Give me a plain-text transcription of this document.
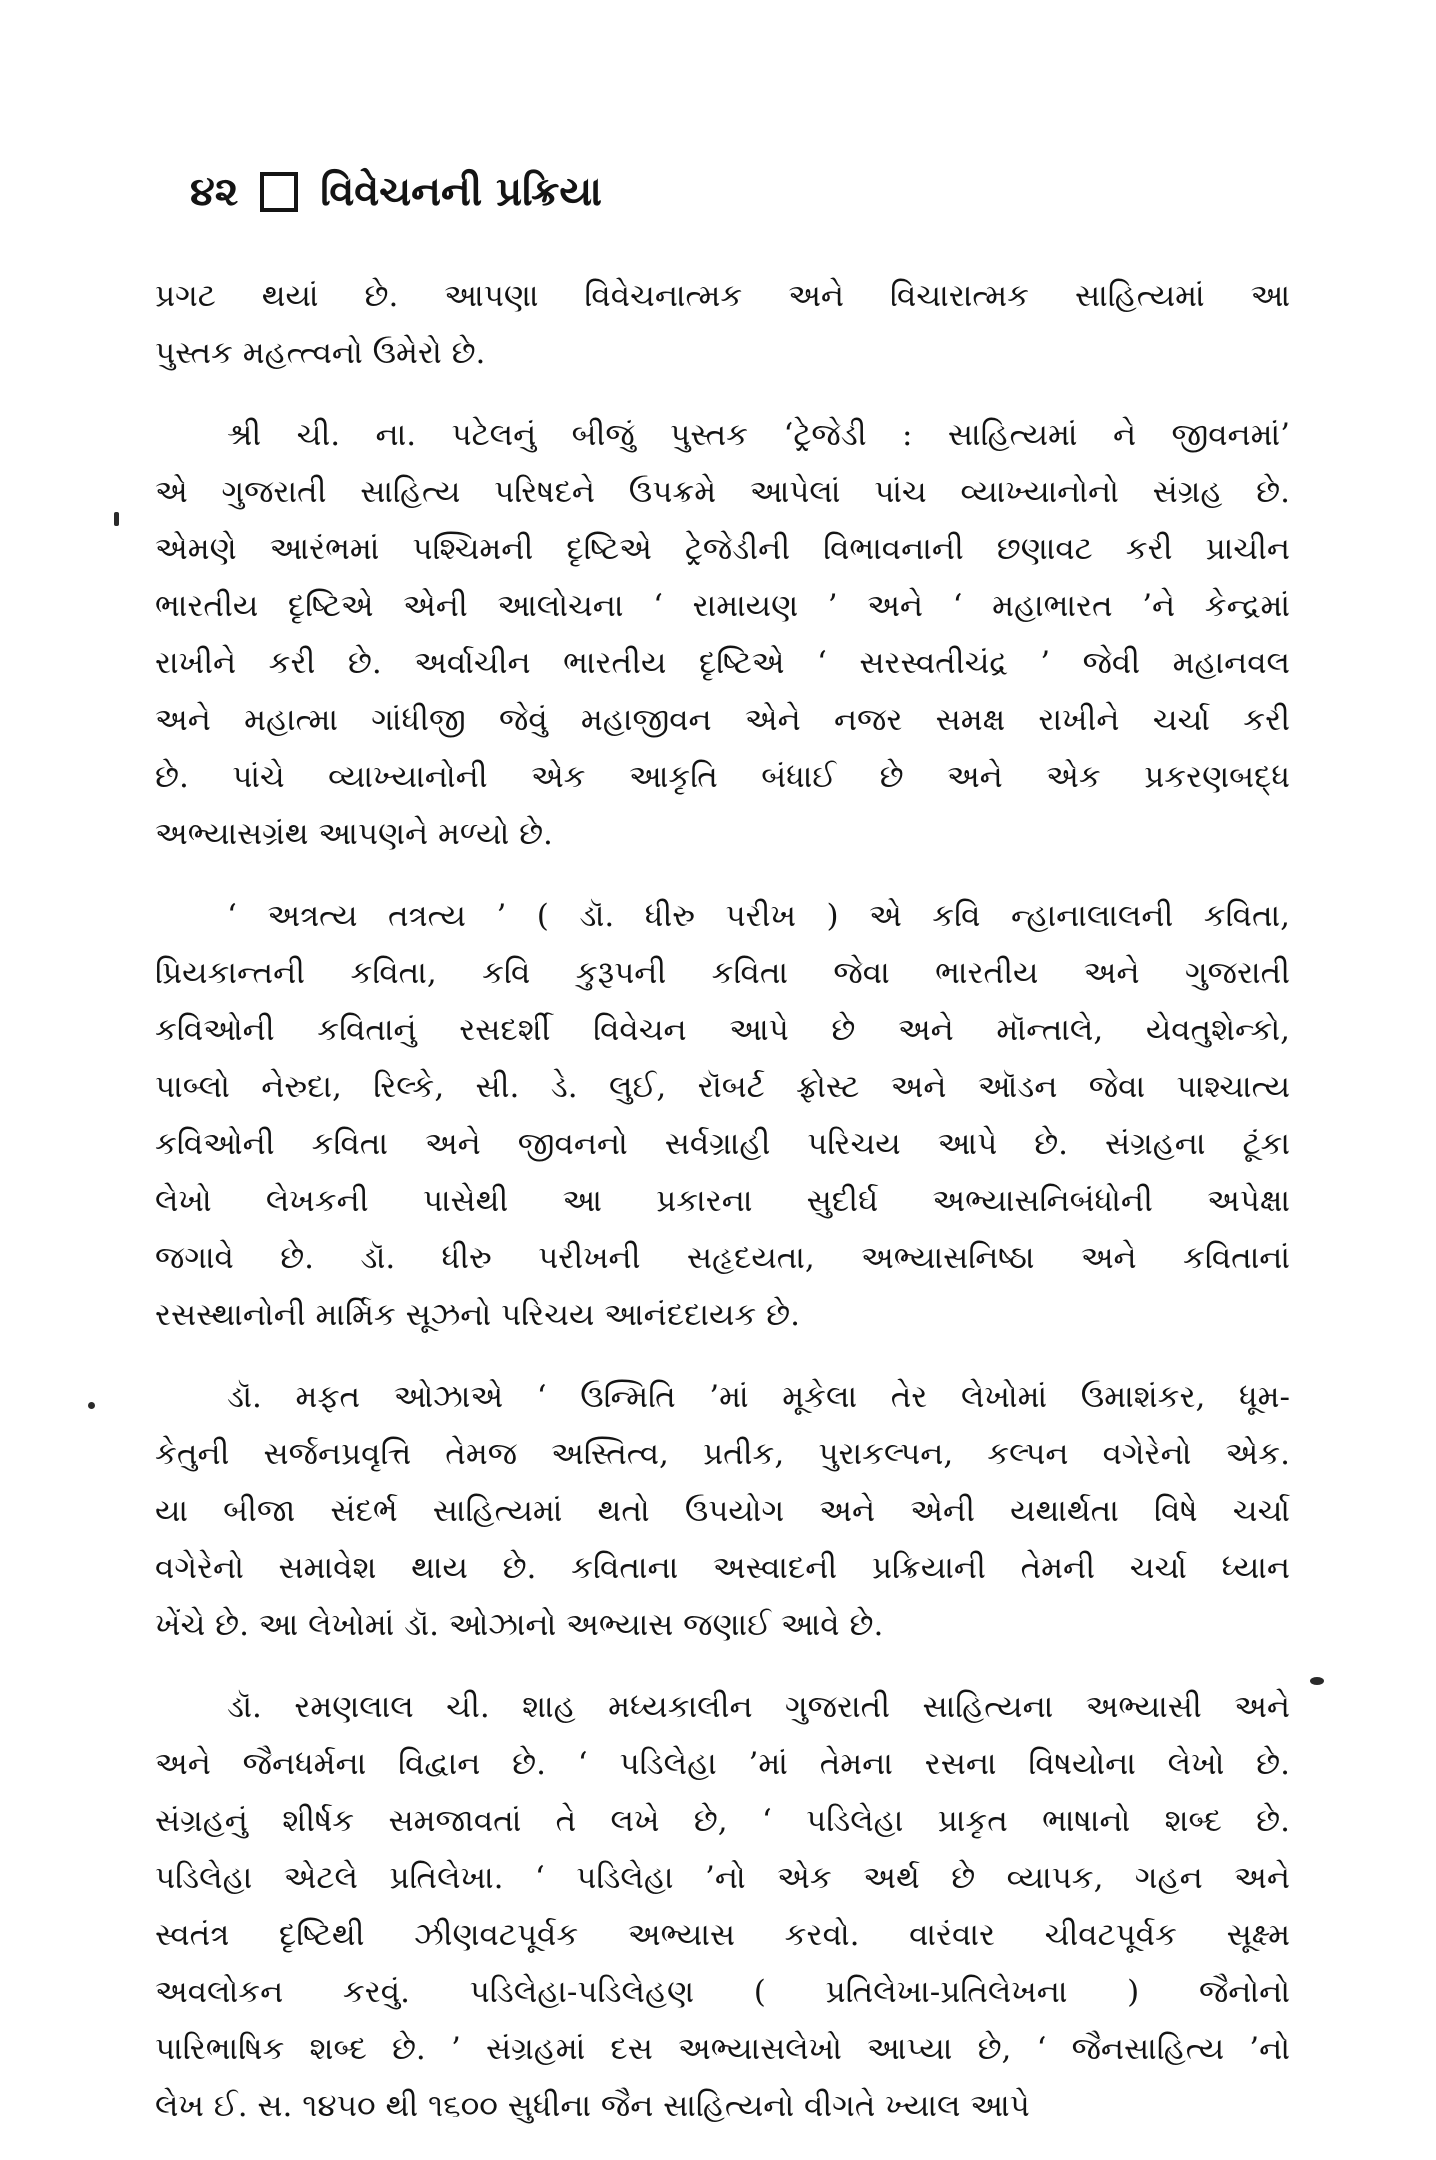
૪૨ વિવેચનની પ્રક્રિયા
પ્રગટ થયાં છે. આપણા વિવેચનાત્મક અને વિચારાત્મક સાહિત્યમાં આ
પુસ્તક મહત્ત્વનો ઉમેરો છે.
શ્રી ચી. ના. પટેલનું બીજું પુસ્તક ‘ટ્રેજેડી : સાહિત્યમાં ને જીવનમાં’
એ ગુજરાતી સાહિત્ય પરિષદને ઉપક્રમે આપેલાં પાંચ વ્યાખ્યાનોનો સંગ્રહ છે.
એમણે આરંભમાં પશ્ચિમની દૃષ્ટિએ ટ્રેજેડીની વિભાવનાની છણાવટ કરી પ્રાચીન
ભારતીય દૃષ્ટિએ એની આલોચના ‘ રામાયણ ’ અને ‘ મહાભારત ’ને કેન્દ્રમાં
રાખીને કરી છે. અર્વાચીન ભારતીય દૃષ્ટિએ ‘ સરસ્વતીચંદ્ર ’ જેવી મહાનવલ
અને મહાત્મા ગાંધીજી જેવું મહાજીવન એને નજર સમક્ષ રાખીને ચર્ચા કરી
છે. પાંચે વ્યાખ્યાનોની એક આકૃતિ બંધાઈ છે અને એક પ્રકરણબદ્ધ
અભ્યાસગ્રંથ આપણને મળ્યો છે.
‘ અત્રત્ય તત્રત્ય ’ ( ડૉ. ધીરુ પરીખ ) એ કવિ ન્હાનાલાલની કવિતા,
પ્રિયકાન્તની કવિતા, કવિ કુરૂપની કવિતા જેવા ભારતીય અને ગુજરાતી
કવિઓની કવિતાનું રસદર્શી વિવેચન આપે છે અને મૉન્તાલે, યેવતુશેન્કો,
પાબ્લો નેરુદા, રિલ્કે, સી. ડે. લુઈ, રૉબર્ટ ફ્રોસ્ટ અને ઑડન જેવા પાશ્ચાત્ય
કવિઓની કવિતા અને જીવનનો સર્વગ્રાહી પરિચય આપે છે. સંગ્રહના ટૂંકા
લેખો લેખકની પાસેથી આ પ્રકારના સુદીર્ઘ અભ્યાસનિબંધોની અપેક્ષા
જગાવે છે. ડૉ. ધીરુ પરીખની સહૃદયતા, અભ્યાસનિષ્ઠા અને કવિતાનાં
રસસ્થાનોની માર્મિક સૂઝનો પરિચય આનંદદાયક છે.
ડૉ. મફત ઓઝાએ ‘ ઉન્મિતિ ’માં મૂકેલા તેર લેખોમાં ઉમાશંકર, ધૂમ-
કેતુની સર્જનપ્રવૃત્તિ તેમજ અસ્તિત્વ, પ્રતીક, પુરાકલ્પન, કલ્પન વગેરેનો એક.
યા બીજા સંદર્ભ સાહિત્યમાં થતો ઉપયોગ અને એની યથાર્થતા વિષે ચર્ચા
વગેરેનો સમાવેશ થાય છે. કવિતાના અસ્વાદની પ્રક્રિયાની તેમની ચર્ચા ધ્યાન
ખેંચે છે. આ લેખોમાં ડૉ. ઓઝાનો અભ્યાસ જણાઈ આવે છે.
ડૉ. રમણલાલ ચી. શાહ મધ્યકાલીન ગુજરાતી સાહિત્યના અભ્યાસી અને
અને જૈનધર્મના વિદ્વાન છે. ‘ પડિલેહા ’માં તેમના રસના વિષયોના લેખો છે.
સંગ્રહનું શીર્ષક સમજાવતાં તે લખે છે, ‘ પડિલેહા પ્રાકૃત ભાષાનો શબ્દ છે.
પડિલેહા એટલે પ્રતિલેખા. ‘ પડિલેહા ’નો એક અર્થ છે વ્યાપક, ગહન અને
સ્વતંત્ર દૃષ્ટિથી ઝીણવટપૂર્વક અભ્યાસ કરવો. વારંવાર ચીવટપૂર્વક સૂક્ષ્મ
અવલોકન કરવું. પડિલેહા-પડિલેહણ ( પ્રતિલેખા-પ્રતિલેખના ) જૈનોનો
પારિભાષિક શબ્દ છે. ’ સંગ્રહમાં દસ અભ્યાસલેખો આપ્યા છે, ‘ જૈનસાહિત્ય ’નો
લેખ ઈ. સ. ૧૪૫૦ થી ૧૬૦૦ સુધીના જૈન સાહિત્યનો વીગતે ખ્યાલ આપે
